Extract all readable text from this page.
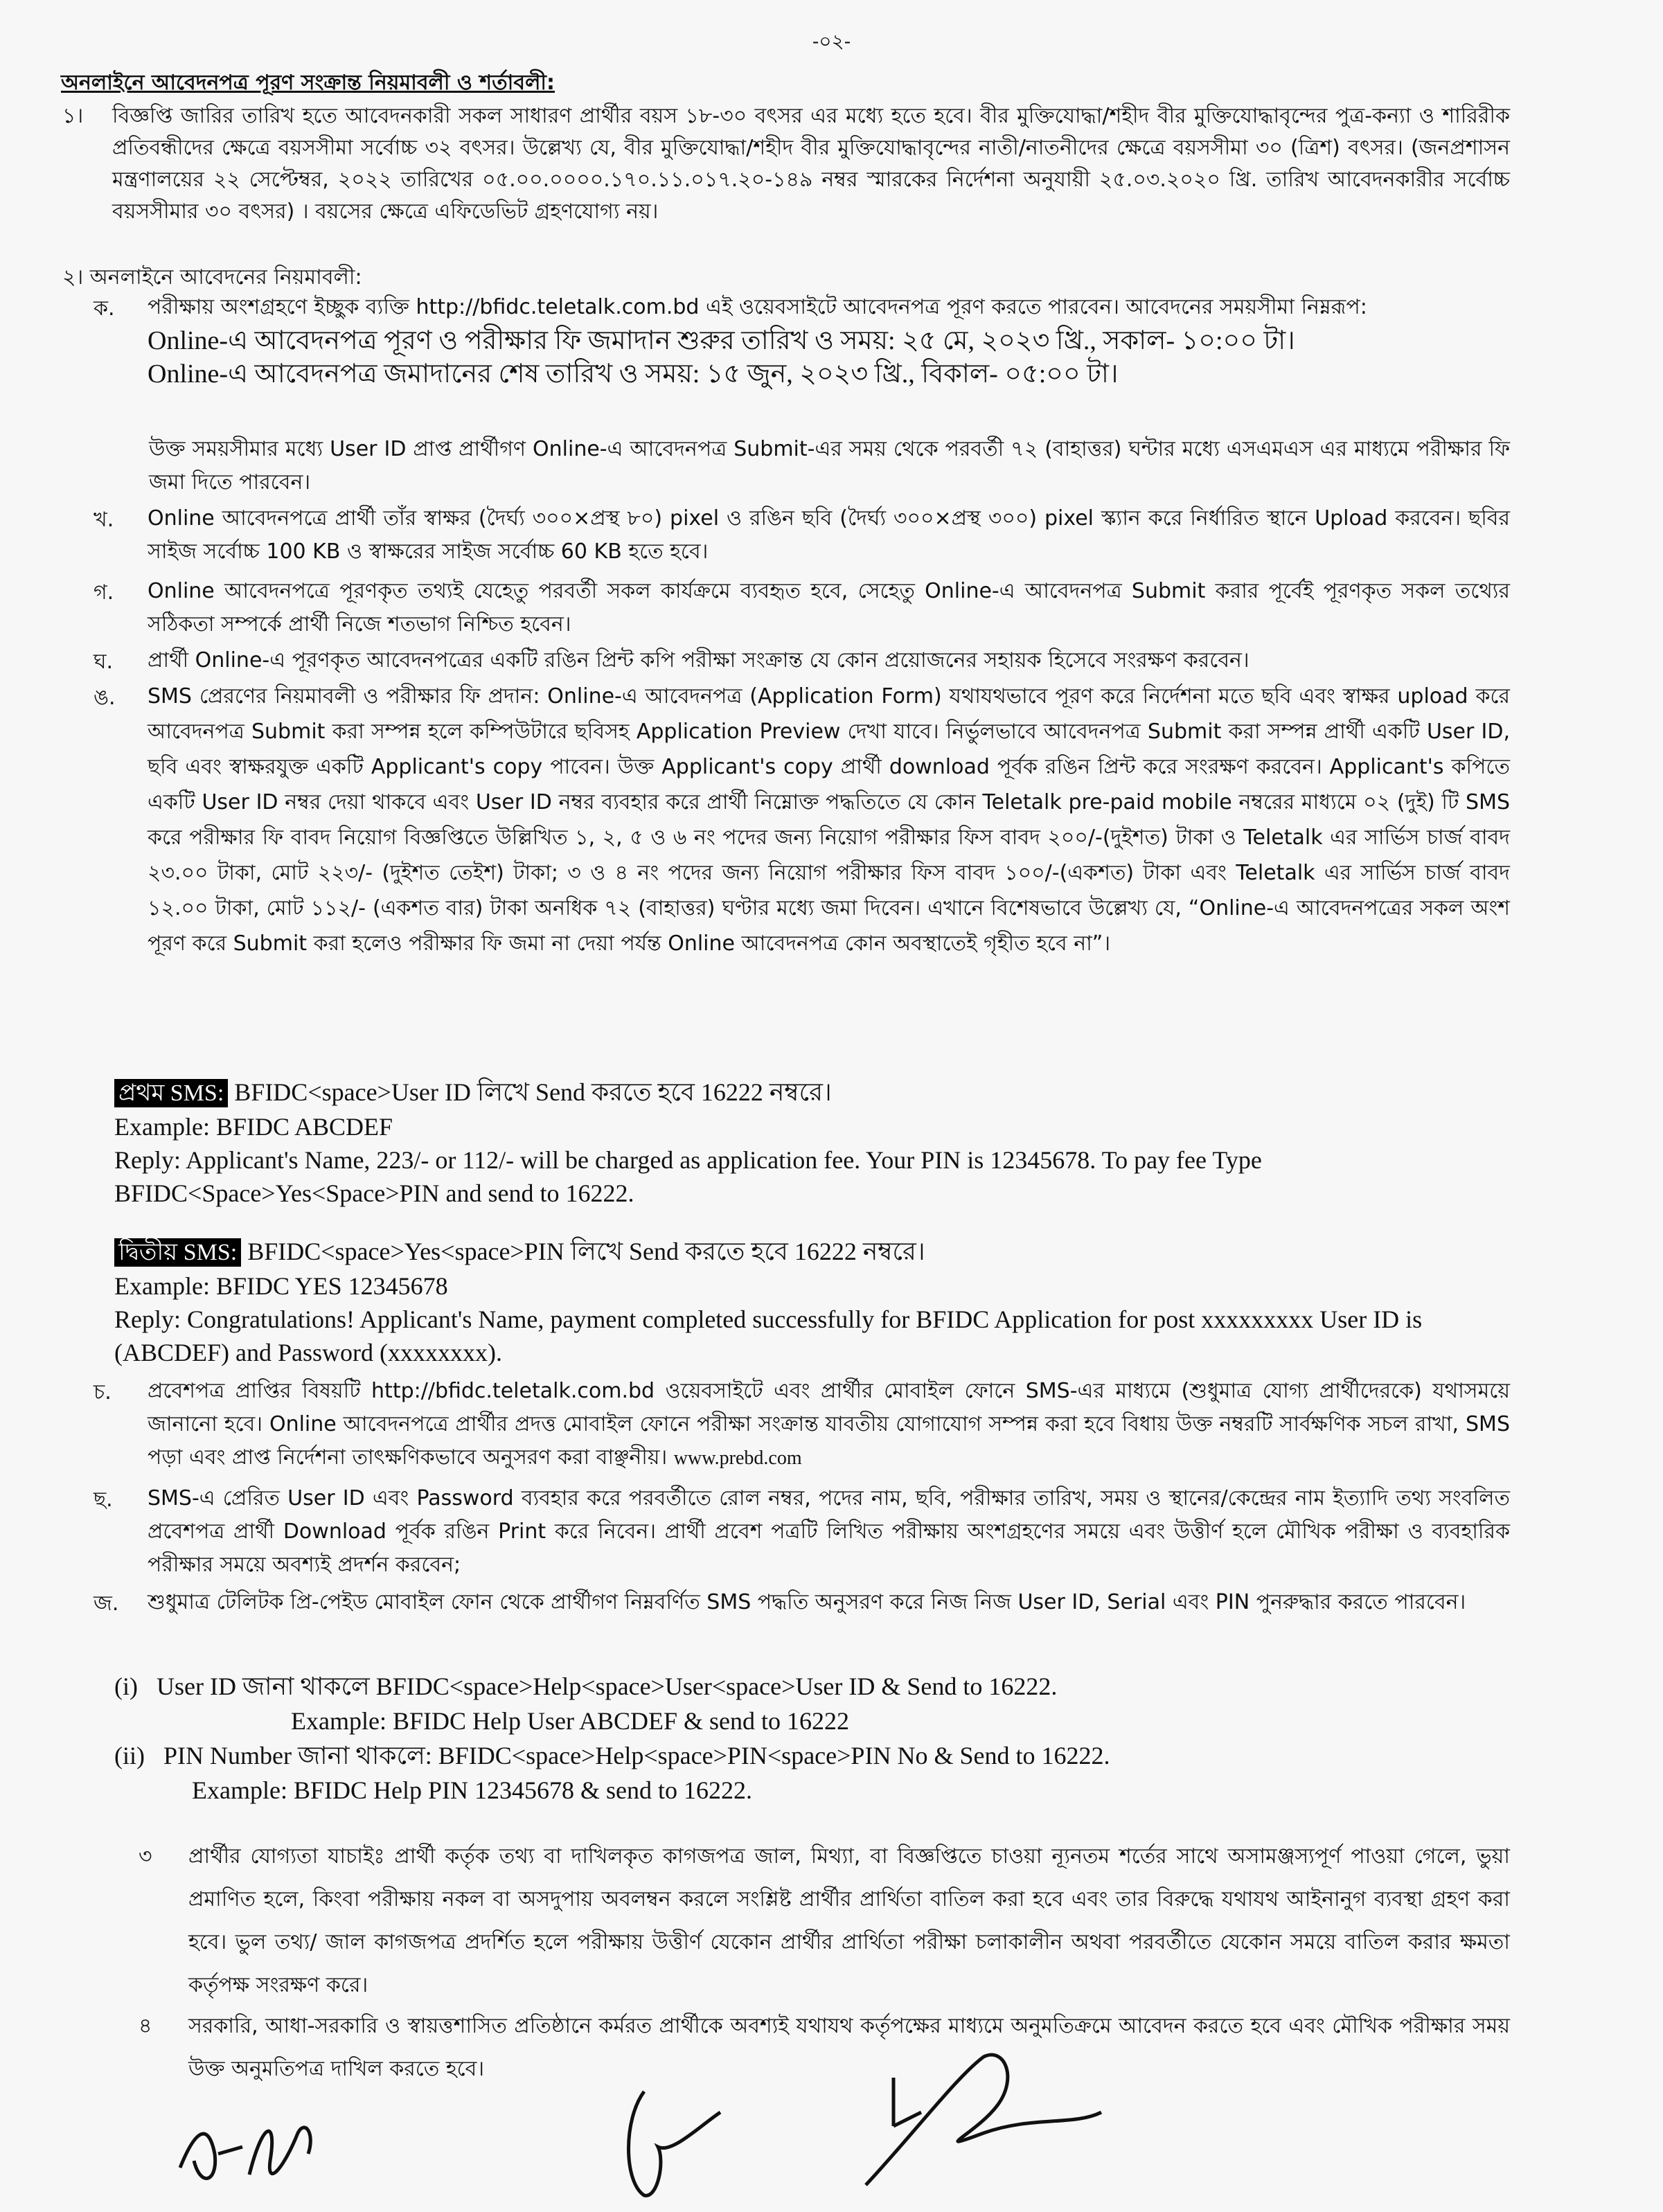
-০২-
অনলাইনে আবেদনপত্র পূরণ সংক্রান্ত নিয়মাবলী ও শর্তাবলী:
১। বিজ্ঞপ্তি জারির তারিখ হতে আবেদনকারী সকল সাধারণ প্রার্থীর বয়স ১৮-৩০ বৎসর এর মধ্যে হতে হবে। বীর মুক্তিযোদ্ধা/শহীদ বীর মুক্তিযোদ্ধাবৃন্দের পুত্র-কন্যা ও শারিরীক প্রতিবন্ধীদের ক্ষেত্রে বয়সসীমা সর্বোচ্চ ৩২ বৎসর। উল্লেখ্য যে, বীর মুক্তিযোদ্ধা/শহীদ বীর মুক্তিযোদ্ধাবৃন্দের নাতী/নাতনীদের ক্ষেত্রে বয়সসীমা ৩০ (ত্রিশ) বৎসর। (জনপ্রশাসন মন্ত্রণালয়ের ২২ সেপ্টেম্বর, ২০২২ তারিখের ০৫.০০.০০০০.১৭০.১১.০১৭.২০-১৪৯ নম্বর স্মারকের নির্দেশনা অনুযায়ী ২৫.০৩.২০২০ খ্রি. তারিখ আবেদনকারীর সর্বোচ্চ বয়সসীমার ৩০ বৎসর) । বয়সের ক্ষেত্রে এফিডেভিট গ্রহণযোগ্য নয়।
২। অনলাইনে আবেদনের নিয়মাবলী:
ক. পরীক্ষায় অংশগ্রহণে ইচ্ছুক ব্যক্তি http://bfidc.teletalk.com.bd এই ওয়েবসাইটে আবেদনপত্র পূরণ করতে পারবেন। আবেদনের সময়সীমা নিম্নরূপ:
Online-এ আবেদনপত্র পূরণ ও পরীক্ষার ফি জমাদান শুরুর তারিখ ও সময়: ২৫ মে, ২০২৩ খ্রি., সকাল- ১০:০০ টা।
Online-এ আবেদনপত্র জমাদানের শেষ তারিখ ও সময়: ১৫ জুন, ২০২৩ খ্রি., বিকাল- ০৫:০০ টা।
উক্ত সময়সীমার মধ্যে User ID প্রাপ্ত প্রার্থীগণ Online-এ আবেদনপত্র Submit-এর সময় থেকে পরবর্তী ৭২ (বাহাত্তর) ঘন্টার মধ্যে এসএমএস এর মাধ্যমে পরীক্ষার ফি জমা দিতে পারবেন।
খ. Online আবেদনপত্রে প্রার্থী তাঁর স্বাক্ষর (দৈর্ঘ্য ৩০০×প্রস্থ ৮০) pixel ও রঙিন ছবি (দৈর্ঘ্য ৩০০×প্রস্থ ৩০০) pixel স্ক্যান করে নির্ধারিত স্থানে Upload করবেন। ছবির সাইজ সর্বোচ্চ 100 KB ও স্বাক্ষরের সাইজ সর্বোচ্চ 60 KB হতে হবে।
গ. Online আবেদনপত্রে পূরণকৃত তথ্যই যেহেতু পরবর্তী সকল কার্যক্রমে ব্যবহৃত হবে, সেহেতু Online-এ আবেদনপত্র Submit করার পূর্বেই পূরণকৃত সকল তথ্যের সঠিকতা সম্পর্কে প্রার্থী নিজে শতভাগ নিশ্চিত হবেন।
ঘ. প্রার্থী Online-এ পূরণকৃত আবেদনপত্রের একটি রঙিন প্রিন্ট কপি পরীক্ষা সংক্রান্ত যে কোন প্রয়োজনের সহায়ক হিসেবে সংরক্ষণ করবেন।
ঙ. SMS প্রেরণের নিয়মাবলী ও পরীক্ষার ফি প্রদান: Online-এ আবেদনপত্র (Application Form) যথাযথভাবে পূরণ করে নির্দেশনা মতে ছবি এবং স্বাক্ষর upload করে আবেদনপত্র Submit করা সম্পন্ন হলে কম্পিউটারে ছবিসহ Application Preview দেখা যাবে। নির্ভুলভাবে আবেদনপত্র Submit করা সম্পন্ন প্রার্থী একটি User ID, ছবি এবং স্বাক্ষরযুক্ত একটি Applicant's copy পাবেন। উক্ত Applicant's copy প্রার্থী download পূর্বক রঙিন প্রিন্ট করে সংরক্ষণ করবেন। Applicant's কপিতে একটি User ID নম্বর দেয়া থাকবে এবং User ID নম্বর ব্যবহার করে প্রার্থী নিম্নোক্ত পদ্ধতিতে যে কোন Teletalk pre-paid mobile নম্বরের মাধ্যমে ০২ (দুই) টি SMS করে পরীক্ষার ফি বাবদ নিয়োগ বিজ্ঞপ্তিতে উল্লিখিত ১, ২, ৫ ও ৬ নং পদের জন্য নিয়োগ পরীক্ষার ফিস বাবদ ২০০/-(দুইশত) টাকা ও Teletalk এর সার্ভিস চার্জ বাবদ ২৩.০০ টাকা, মোট ২২৩/- (দুইশত তেইশ) টাকা; ৩ ও ৪ নং পদের জন্য নিয়োগ পরীক্ষার ফিস বাবদ ১০০/-(একশত) টাকা এবং Teletalk এর সার্ভিস চার্জ বাবদ ১২.০০ টাকা, মোট ১১২/- (একশত বার) টাকা অনধিক ৭২ (বাহাত্তর) ঘণ্টার মধ্যে জমা দিবেন। এখানে বিশেষভাবে উল্লেখ্য যে, “Online-এ আবেদনপত্রের সকল অংশ পূরণ করে Submit করা হলেও পরীক্ষার ফি জমা না দেয়া পর্যন্ত Online আবেদনপত্র কোন অবস্থাতেই গৃহীত হবে না”।
প্রথম SMS: BFIDC<space>User ID লিখে Send করতে হবে 16222 নম্বরে।
Example: BFIDC ABCDEF
Reply: Applicant's Name, 223/- or 112/- will be charged as application fee. Your PIN is 12345678. To pay fee Type BFIDC<Space>Yes<Space>PIN and send to 16222.
দ্বিতীয় SMS: BFIDC<space>Yes<space>PIN লিখে Send করতে হবে 16222 নম্বরে।
Example: BFIDC YES 12345678
Reply: Congratulations! Applicant's Name, payment completed successfully for BFIDC Application for post xxxxxxxxx User ID is (ABCDEF) and Password (xxxxxxxx).
চ. প্রবেশপত্র প্রাপ্তির বিষয়টি http://bfidc.teletalk.com.bd ওয়েবসাইটে এবং প্রার্থীর মোবাইল ফোনে SMS-এর মাধ্যমে (শুধুমাত্র যোগ্য প্রার্থীদেরকে) যথাসময়ে জানানো হবে। Online আবেদনপত্রে প্রার্থীর প্রদত্ত মোবাইল ফোনে পরীক্ষা সংক্রান্ত যাবতীয় যোগাযোগ সম্পন্ন করা হবে বিধায় উক্ত নম্বরটি সার্বক্ষণিক সচল রাখা, SMS পড়া এবং প্রাপ্ত নির্দেশনা তাৎক্ষণিকভাবে অনুসরণ করা বাঞ্ছনীয়। www.prebd.com
ছ. SMS-এ প্রেরিত User ID এবং Password ব্যবহার করে পরবর্তীতে রোল নম্বর, পদের নাম, ছবি, পরীক্ষার তারিখ, সময় ও স্থানের/কেন্দ্রের নাম ইত্যাদি তথ্য সংবলিত প্রবেশপত্র প্রার্থী Download পূর্বক রঙিন Print করে নিবেন। প্রার্থী প্রবেশ পত্রটি লিখিত পরীক্ষায় অংশগ্রহণের সময়ে এবং উত্তীর্ণ হলে মৌখিক পরীক্ষা ও ব্যবহারিক পরীক্ষার সময়ে অবশ্যই প্রদর্শন করবেন;
জ. শুধুমাত্র টেলিটক প্রি-পেইড মোবাইল ফোন থেকে প্রার্থীগণ নিম্নবর্ণিত SMS পদ্ধতি অনুসরণ করে নিজ নিজ User ID, Serial এবং PIN পুনরুদ্ধার করতে পারবেন।
(i) User ID জানা থাকলে BFIDC<space>Help<space>User<space>User ID & Send to 16222.
Example: BFIDC Help User ABCDEF & send to 16222
(ii) PIN Number জানা থাকলে: BFIDC<space>Help<space>PIN<space>PIN No & Send to 16222.
Example: BFIDC Help PIN 12345678 & send to 16222.
৩ প্রার্থীর যোগ্যতা যাচাইঃ প্রার্থী কর্তৃক তথ্য বা দাখিলকৃত কাগজপত্র জাল, মিথ্যা, বা বিজ্ঞপ্তিতে চাওয়া ন্যূনতম শর্তের সাথে অসামঞ্জস্যপূর্ণ পাওয়া গেলে, ভুয়া প্রমাণিত হলে, কিংবা পরীক্ষায় নকল বা অসদুপায় অবলম্বন করলে সংশ্লিষ্ট প্রার্থীর প্রার্থিতা বাতিল করা হবে এবং তার বিরুদ্ধে যথাযথ আইনানুগ ব্যবস্থা গ্রহণ করা হবে। ভুল তথ্য/ জাল কাগজপত্র প্রদর্শিত হলে পরীক্ষায় উত্তীর্ণ যেকোন প্রার্থীর প্রার্থিতা পরীক্ষা চলাকালীন অথবা পরবর্তীতে যেকোন সময়ে বাতিল করার ক্ষমতা কর্তৃপক্ষ সংরক্ষণ করে।
৪ সরকারি, আধা-সরকারি ও স্বায়ত্তশাসিত প্রতিষ্ঠানে কর্মরত প্রার্থীকে অবশ্যই যথাযথ কর্তৃপক্ষের মাধ্যমে অনুমতিক্রমে আবেদন করতে হবে এবং মৌখিক পরীক্ষার সময় উক্ত অনুমতিপত্র দাখিল করতে হবে।
